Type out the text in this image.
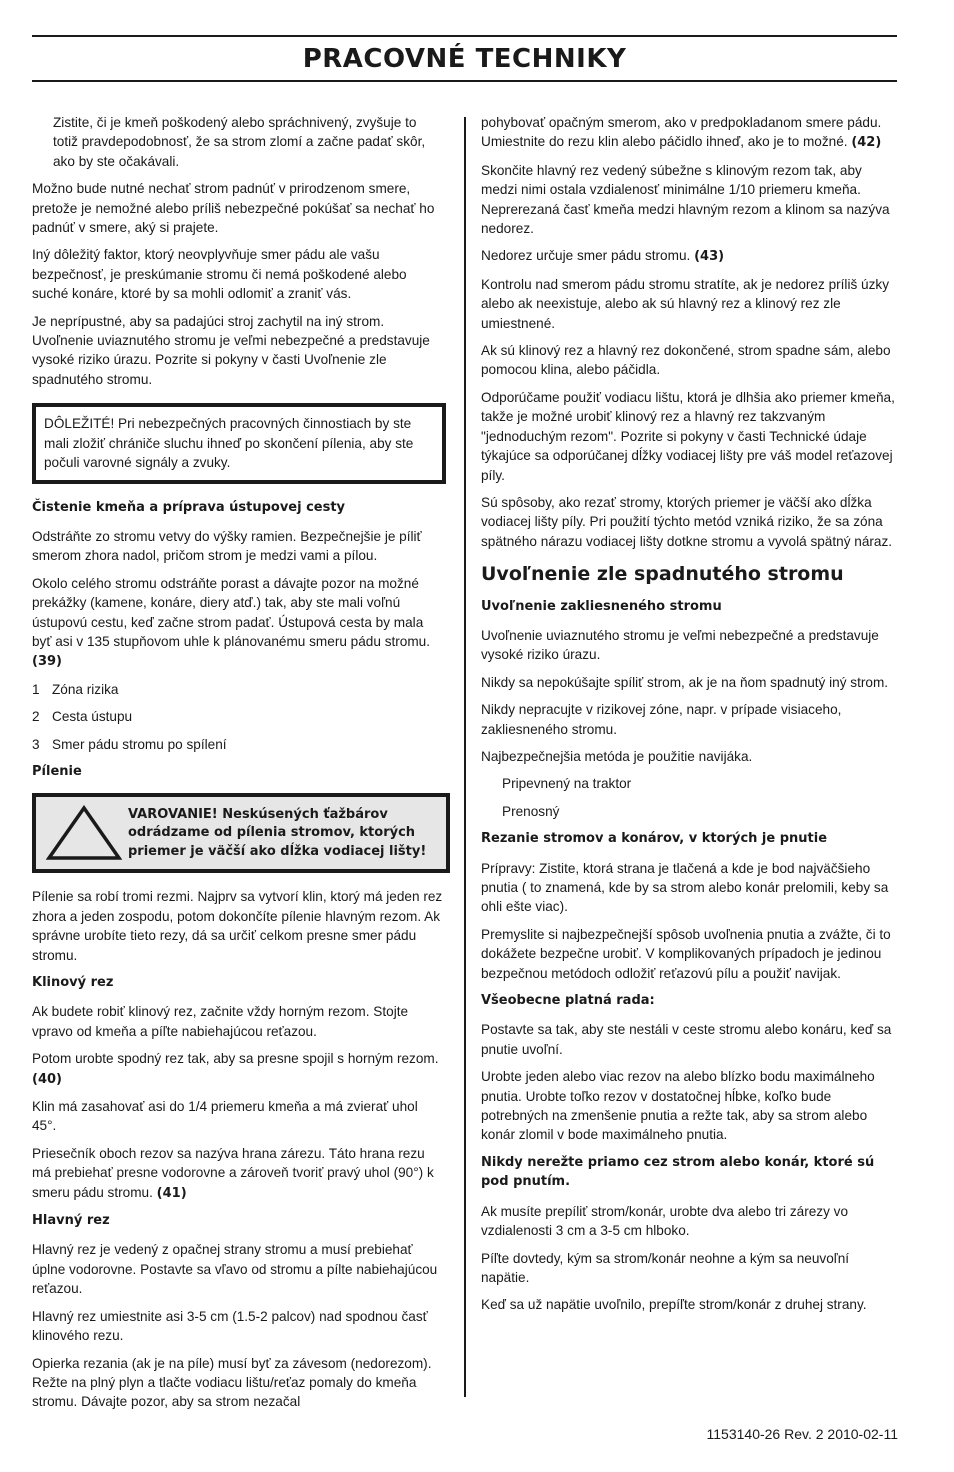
PRACOVNÉ TECHNIKY

Zistite, či je kmeň poškodený alebo spráchnivený, zvyšuje to totiž pravdepodobnosť, že sa strom zlomí a začne padať skôr, ako by ste očakávali.

Možno bude nutné nechať strom padnúť v prirodzenom smere, pretože je nemožné alebo príliš nebezpečné pokúšať sa nechať ho padnúť v smere, aký si prajete.

Iný dôležitý faktor, ktorý neovplyvňuje smer pádu ale vašu bezpečnosť, je preskúmanie stromu či nemá poškodené alebo suché konáre, ktoré by sa mohli odlomiť a zraniť vás.

Je neprípustné, aby sa padajúci stroj zachytil na iný strom. Uvoľnenie uviaznutého stromu je veľmi nebezpečné a predstavuje vysoké riziko úrazu. Pozrite si pokyny v časti Uvoľnenie zle spadnutého stromu.

DÔLEŽITÉ! Pri nebezpečných pracovných činnostiach by ste mali zložiť chrániče sluchu ihneď po skončení pílenia, aby ste počuli varovné signály a zvuky.
Čistenie kmeňa a príprava ústupovej cesty

Odstráňte zo stromu vetvy do výšky ramien. Bezpečnejšie je píliť smerom zhora nadol, pričom strom je medzi vami a pílou.

Okolo celého stromu odstráňte porast a dávajte pozor na možné prekážky (kamene, konáre, diery atď.) tak, aby ste mali voľnú ústupovú cestu, keď začne strom padať. Ústupová cesta by mala byť asi v 135 stupňovom uhle k plánovanému smeru pádu stromu. (39)

1 Zóna rizika
2 Cesta ústupu
3 Smer pádu stromu po spílení
Pílenie
VAROVANIE! Neskúsených ťažbárov odrádzame od pílenia stromov, ktorých priemer je väčší ako dĺžka vodiacej lišty!

Pílenie sa robí tromi rezmi. Najprv sa vytvorí klin, ktorý má jeden rez zhora a jeden zospodu, potom dokončíte pílenie hlavným rezom. Ak správne urobíte tieto rezy, dá sa určiť celkom presne smer pádu stromu.

Klinový rez

Ak budete robiť klinový rez, začnite vždy horným rezom. Stojte vpravo od kmeňa a píľte nabiehajúcou reťazou.

Potom urobte spodný rez tak, aby sa presne spojil s horným rezom. (40)

Klin má zasahovať asi do 1/4 priemeru kmeňa a má zvierať uhol 45°.

Priesečník oboch rezov sa nazýva hrana zárezu. Táto hrana rezu má prebiehať presne vodorovne a zároveň tvoriť pravý uhol (90°) k smeru pádu stromu. (41)

Hlavný rez

Hlavný rez je vedený z opačnej strany stromu a musí prebiehať úplne vodorovne. Postavte sa vľavo od stromu a pílte nabiehajúcou reťazou.

Hlavný rez umiestnite asi 3-5 cm (1.5-2 palcov) nad spodnou časť klinového rezu.

Opierka rezania (ak je na píle) musí byť za závesom (nedorezom). Režte na plný plyn a tlačte vodiacu lištu/reťaz pomaly do kmeňa stromu. Dávajte pozor, aby sa strom nezačal

pohybovať opačným smerom, ako v predpokladanom smere pádu. Umiestnite do rezu klin alebo páčidlo ihneď, ako je to možné. (42)

Skončite hlavný rez vedený súbežne s klinovým rezom tak, aby medzi nimi ostala vzdialenosť minimálne 1/10 priemeru kmeňa. Neprerezaná časť kmeňa medzi hlavným rezom a klinom sa nazýva nedorez.

Nedorez určuje smer pádu stromu. (43)

Kontrolu nad smerom pádu stromu stratíte, ak je nedorez príliš úzky alebo ak neexistuje, alebo ak sú hlavný rez a klinový rez zle umiestnené.

Ak sú klinový rez a hlavný rez dokončené, strom spadne sám, alebo pomocou klina, alebo páčidla.

Odporúčame použiť vodiacu lištu, ktorá je dlhšia ako priemer kmeňa, takže je možné urobiť klinový rez a hlavný rez takzvaným "jednoduchým rezom". Pozrite si pokyny v časti Technické údaje týkajúce sa odporúčanej dĺžky vodiacej lišty pre váš model reťazovej píly.

Sú spôsoby, ako rezať stromy, ktorých priemer je väčší ako dĺžka vodiacej lišty píly. Pri použití týchto metód vzniká riziko, že sa zóna spätného nárazu vodiacej lišty dotkne stromu a vyvolá spätný náraz.

Uvoľnenie zle spadnutého stromu
Uvoľnenie zakliesneného stromu

Uvoľnenie uviaznutého stromu je veľmi nebezpečné a predstavuje vysoké riziko úrazu.

Nikdy sa nepokúšajte spíliť strom, ak je na ňom spadnutý iný strom.

Nikdy nepracujte v rizikovej zóne, napr. v prípade visiaceho, zakliesneného stromu.

Najbezpečnejšia metóda je použitie navijáka.

Pripevnený na traktor

Prenosný

Rezanie stromov a konárov, v ktorých je pnutie

Prípravy: Zistite, ktorá strana je tlačená a kde je bod najväčšieho pnutia ( to znamená, kde by sa strom alebo konár prelomili, keby sa ohli ešte viac).

Premyslite si najbezpečnejší spôsob uvoľnenia pnutia a zvážte, či to dokážete bezpečne urobiť. V komplikovaných prípadoch je jedinou bezpečnou metódoch odložiť reťazovú pílu a použiť navijak.

Všeobecne platná rada:

Postavte sa tak, aby ste nestáli v ceste stromu alebo konáru, keď sa pnutie uvoľní.

Urobte jeden alebo viac rezov na alebo blízko bodu maximálneho pnutia. Urobte toľko rezov v dostatočnej hĺbke, koľko bude potrebných na zmenšenie pnutia a režte tak, aby sa strom alebo konár zlomil v bode maximálneho pnutia.

Nikdy nerežte priamo cez strom alebo konár, ktoré sú pod pnutím.

Ak musíte prepíliť strom/konár, urobte dva alebo tri zárezy vo vzdialenosti 3 cm a 3-5 cm hlboko.

Píľte dovtedy, kým sa strom/konár neohne a kým sa neuvoľní napätie.

Keď sa už napätie uvoľnilo, prepíľte strom/konár z druhej strany.

1153140-26 Rev. 2 2010-02-11
